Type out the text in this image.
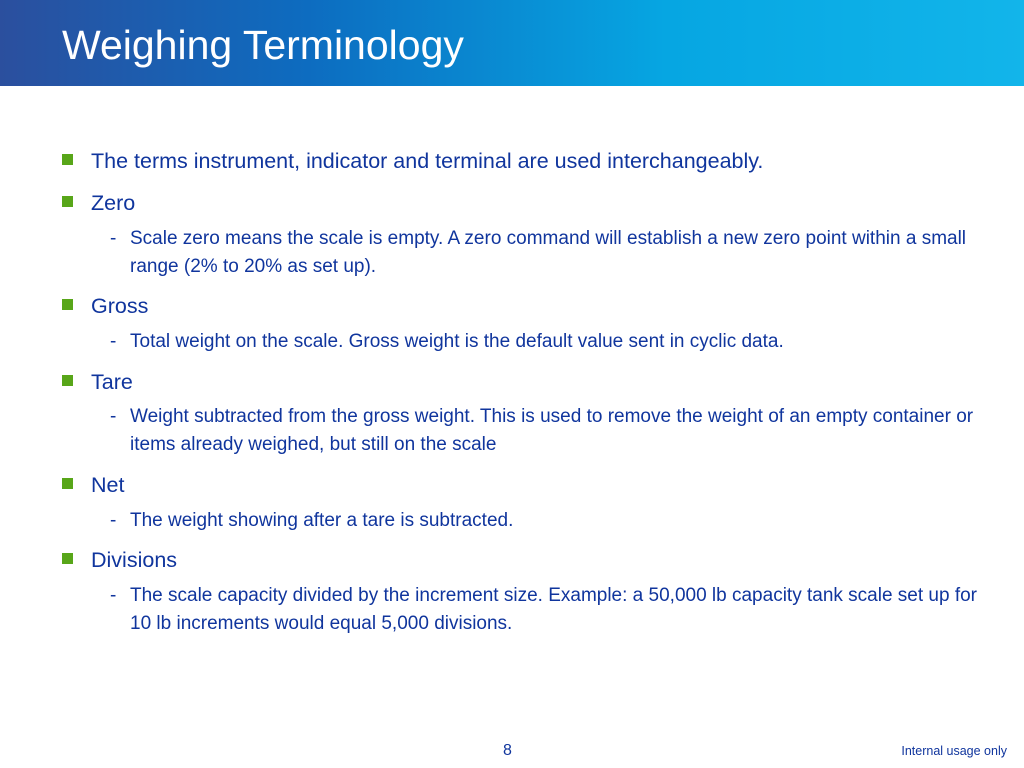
Weighing Terminology
The terms instrument, indicator and terminal are used interchangeably.
Zero
- Scale zero means the scale is empty. A zero command will establish a new zero point within a small range (2% to 20% as set up).
Gross
- Total weight on the scale. Gross weight is the default value sent in cyclic data.
Tare
- Weight subtracted from the gross weight. This is used to remove the weight of an empty container or items already weighed, but still on the scale
Net
- The weight showing after a tare is subtracted.
Divisions
- The scale capacity divided by the increment size. Example: a 50,000 lb capacity tank scale set up for 10 lb increments would equal 5,000 divisions.
8	Internal usage only
